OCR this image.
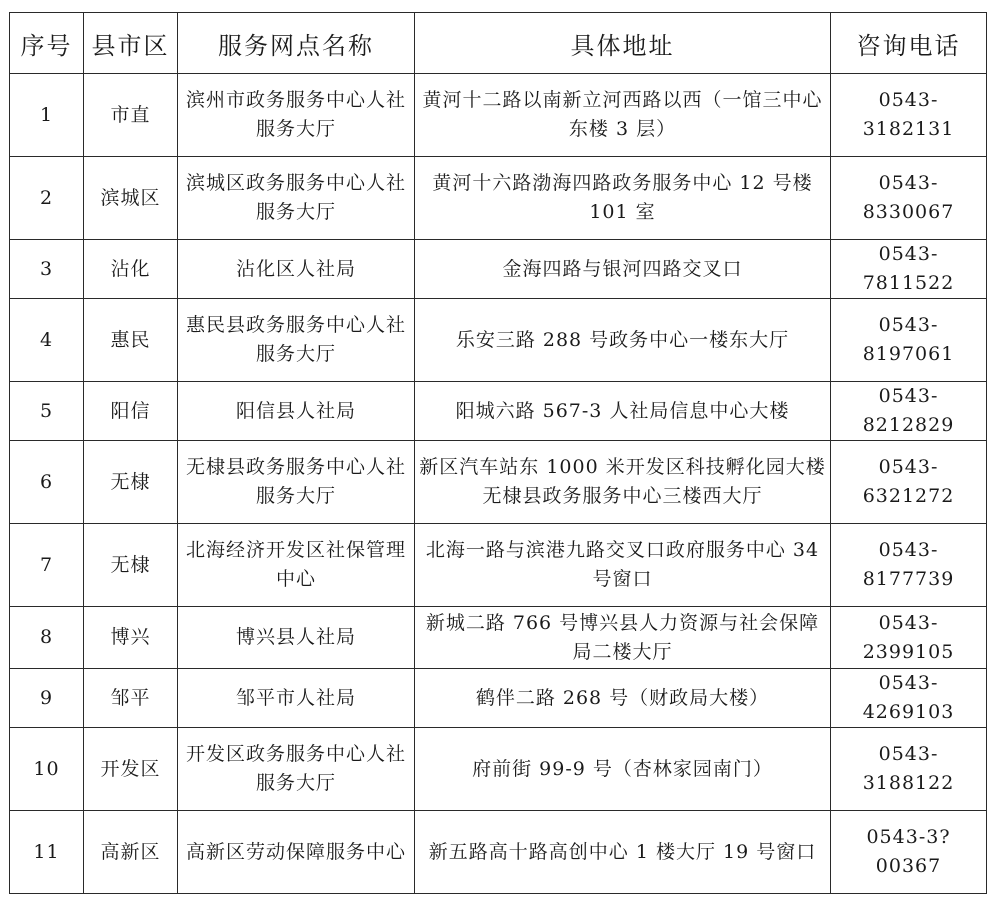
序号	县市区	服务网点名称	具体地址	咨询电话
1	市直	滨州市政务服务中心人社服务大厅	黄河十二路以南新立河西路以西（一馆三中心东楼 3 层）	0543-3182131
2	滨城区	滨城区政务服务中心人社服务大厅	黄河十六路渤海四路政务服务中心 12 号楼 101 室	0543-8330067
3	沾化	沾化区人社局	金海四路与银河四路交叉口	0543-7811522
4	惠民	惠民县政务服务中心人社服务大厅	乐安三路 288 号政务中心一楼东大厅	0543-8197061
5	阳信	阳信县人社局	阳城六路 567-3 人社局信息中心大楼	0543-8212829
6	无棣	无棣县政务服务中心人社服务大厅	新区汽车站东 1000 米开发区科技孵化园大楼无棣县政务服务中心三楼西大厅	0543-6321272
7	无棣	北海经济开发区社保管理中心	北海一路与滨港九路交叉口政府服务中心 34 号窗口	0543-8177739
8	博兴	博兴县人社局	新城二路 766 号博兴县人力资源与社会保障局二楼大厅	0543-2399105
9	邹平	邹平市人社局	鹤伴二路 268 号（财政局大楼）	0543-4269103
10	开发区	开发区政务服务中心人社服务大厅	府前街 99-9 号（杏林家园南门）	0543-3188122
11	高新区	高新区劳动保障服务中心	新五路高十路高创中心 1 楼大厅 19 号窗口	0543-3?00367
